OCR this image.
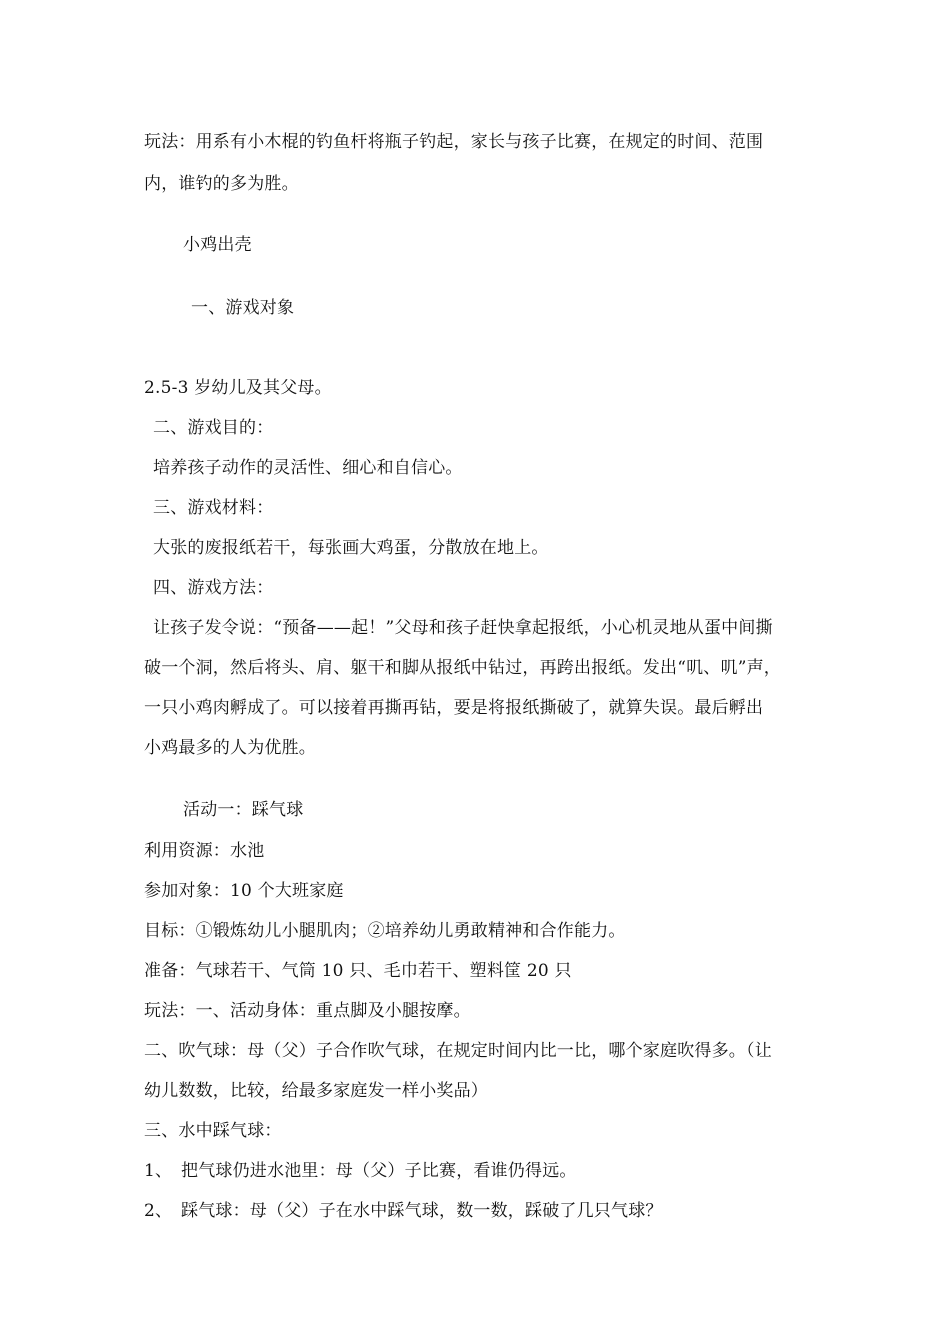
玩法：用系有小木棍的钓鱼杆将瓶子钓起，家长与孩子比赛，在规定的时间、范围
内，谁钓的多为胜。
小鸡出壳
一、游戏对象
2.5-3 岁幼儿及其父母。
二、游戏目的：
培养孩子动作的灵活性、细心和自信心。
三、游戏材料：
大张的废报纸若干，每张画大鸡蛋，分散放在地上。
四、游戏方法：
让孩子发令说：“预备——起！”父母和孩子赶快拿起报纸，小心机灵地从蛋中间撕
破一个洞，然后将头、肩、躯干和脚从报纸中钻过，再跨出报纸。发出“叽、叽”声，
一只小鸡肉孵成了。可以接着再撕再钻，要是将报纸撕破了，就算失误。最后孵出
小鸡最多的人为优胜。
活动一：踩气球
利用资源：水池
参加对象：10 个大班家庭
目标：①锻炼幼儿小腿肌肉；②培养幼儿勇敢精神和合作能力。
准备：气球若干、气筒 10 只、毛巾若干、塑料筐 20 只
玩法：一、活动身体：重点脚及小腿按摩。
二、吹气球：母（父）子合作吹气球，在规定时间内比一比，哪个家庭吹得多。（让
幼儿数数，比较，给最多家庭发一样小奖品）
三、水中踩气球：
1、 把气球仍进水池里：母（父）子比赛，看谁仍得远。
2、 踩气球：母（父）子在水中踩气球，数一数，踩破了几只气球？
